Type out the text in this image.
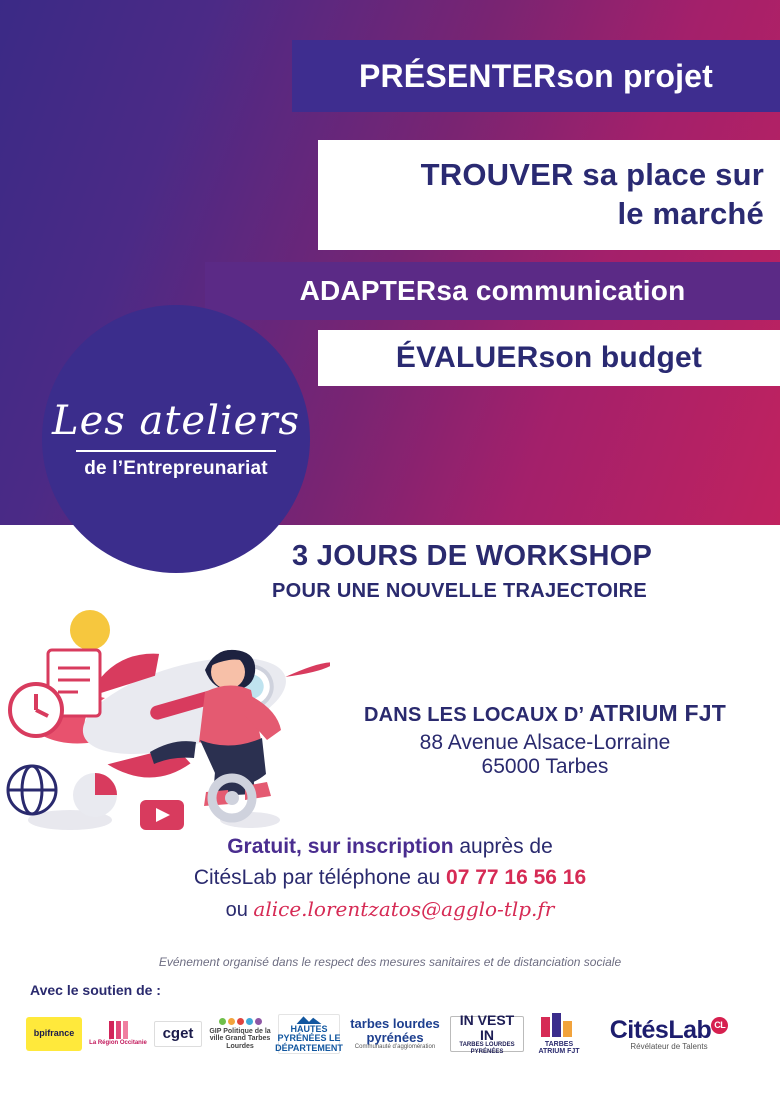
PRÉSENTER son projet
TROUVER sa place sur
le marché
ADAPTER sa communication
ÉVALUER son budget
Les ateliers
de l’Entrepreunariat
3 JOURS DE WORKSHOP
POUR UNE NOUVELLE TRAJECTOIRE
DANS LES LOCAUX D’ ATRIUM FJT
88 Avenue Alsace-Lorraine
65000 Tarbes
Gratuit, sur inscription auprès de
CitésLab par téléphone au 07 77 16 56 16
ou alice.lorentzatos@agglo-tlp.fr
Evénement organisé dans le respect des mesures sanitaires et de distanciation sociale
Avec le soutien de :
bpifrance
La Région Occitanie
cget GIP Politique de la ville Grand Tarbes Lourdes
HAUTES PYRÉNÉES LE DÉPARTEMENT
tarbes lourdes pyrénées
Communauté d’agglomération
IN VEST IN
TARBES LOURDES PYRÉNÉES
TARBES ATRIUM FJT
CitésLab CL
Révélateur de Talents
